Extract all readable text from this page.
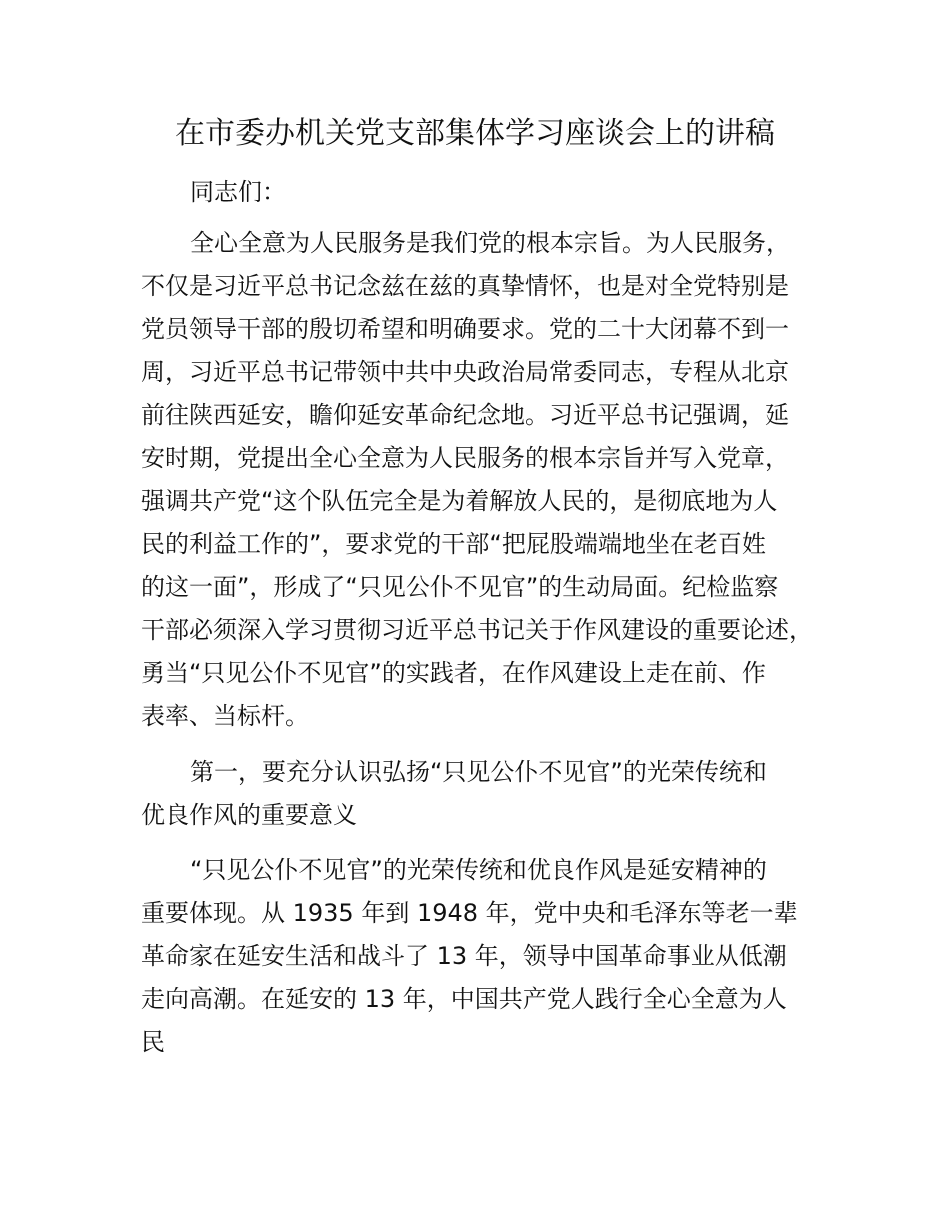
在市委办机关党支部集体学习座谈会上的讲稿
同志们：
全心全意为人民服务是我们党的根本宗旨。为人民服务，
不仅是习近平总书记念兹在兹的真挚情怀，也是对全党特别是
党员领导干部的殷切希望和明确要求。党的二十大闭幕不到一
周，习近平总书记带领中共中央政治局常委同志，专程从北京
前往陕西延安，瞻仰延安革命纪念地。习近平总书记强调，延
安时期，党提出全心全意为人民服务的根本宗旨并写入党章，
强调共产党“这个队伍完全是为着解放人民的，是彻底地为人
民的利益工作的”，要求党的干部“把屁股端端地坐在老百姓
的这一面”，形成了“只见公仆不见官”的生动局面。纪检监察
干部必须深入学习贯彻习近平总书记关于作风建设的重要论述，
勇当“只见公仆不见官”的实践者，在作风建设上走在前、作
表率、当标杆。
第一，要充分认识弘扬“只见公仆不见官”的光荣传统和
优良作风的重要意义
“只见公仆不见官”的光荣传统和优良作风是延安精神的
重要体现。从 1935 年到 1948 年，党中央和毛泽东等老一辈
革命家在延安生活和战斗了 13 年，领导中国革命事业从低潮
走向高潮。在延安的 13 年，中国共产党人践行全心全意为人
民
